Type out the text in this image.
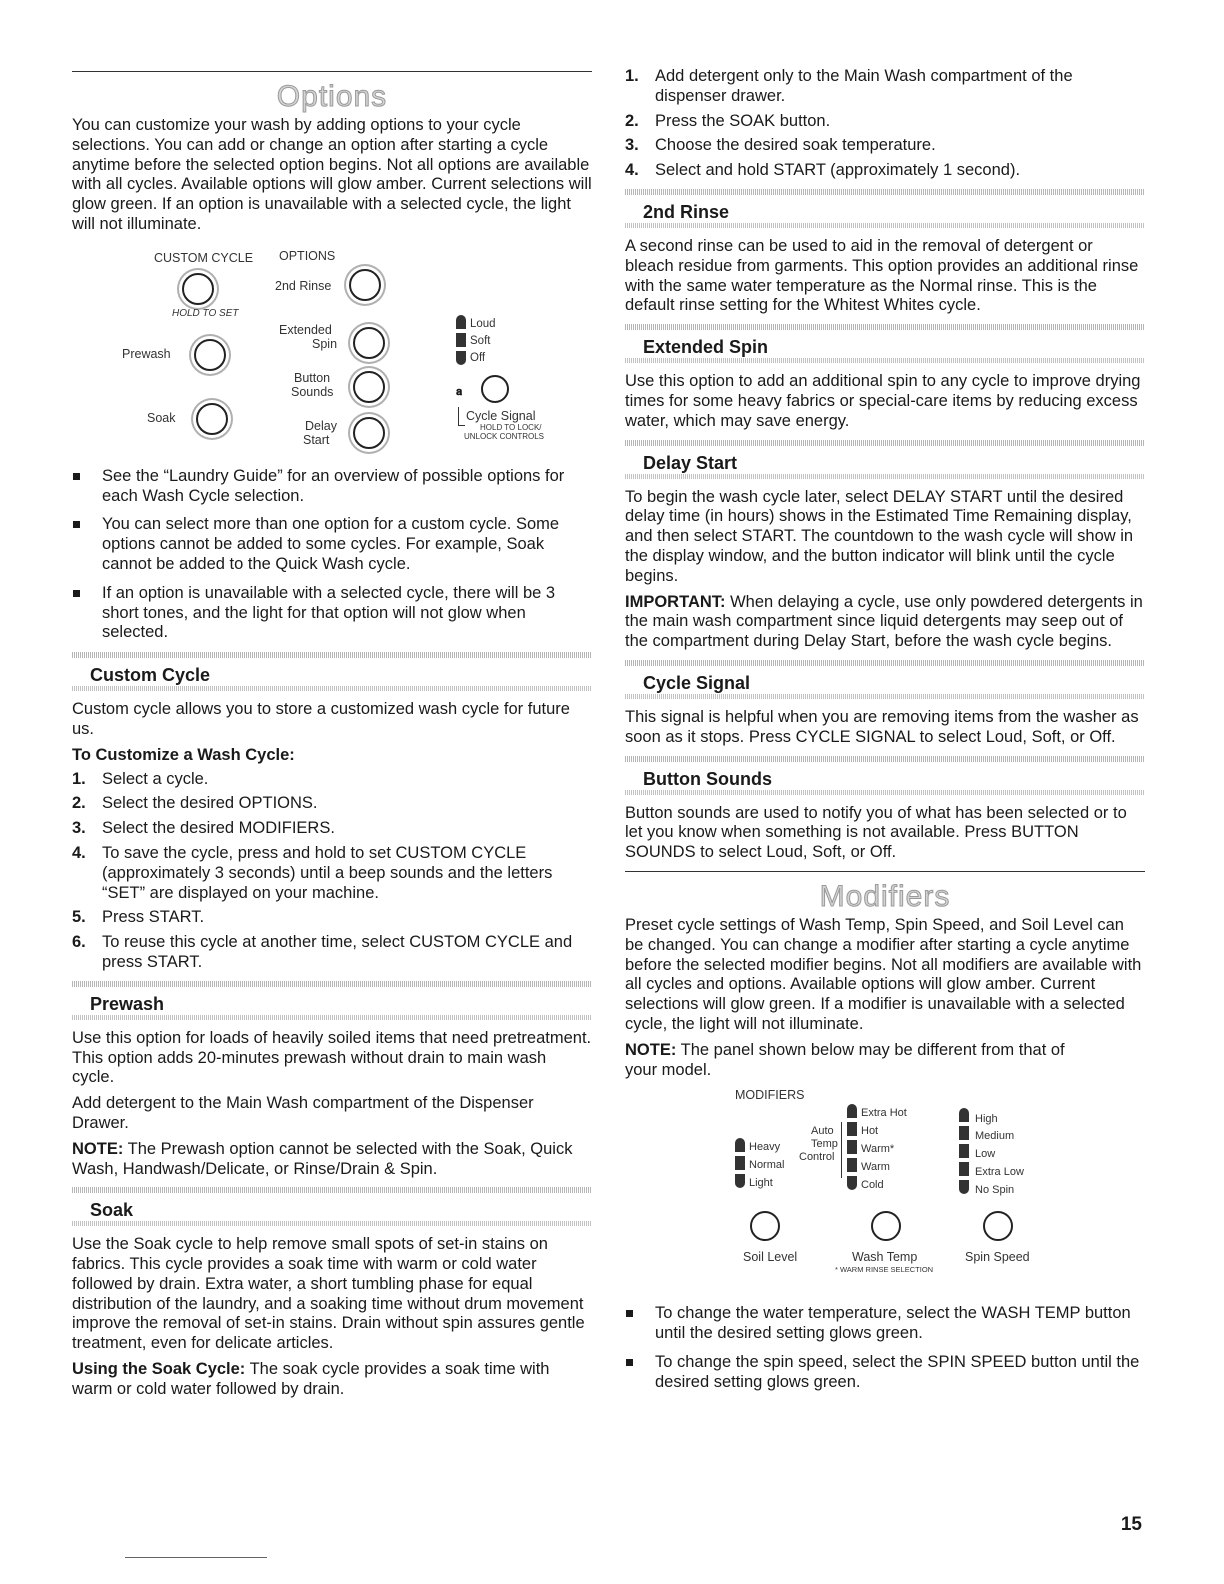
Options

You can customize your wash by adding options to your cycle selections. You can add or change an option after starting a cycle anytime before the selected option begins. Not all options are available with all cycles. Available options will glow amber. Current selections will glow green. If an option is unavailable with a selected cycle, the light will not illuminate.

CUSTOM CYCLE OPTIONS
HOLD TO SET
Prewash
Soak
2nd Rinse
Extended
Spin
Button
Sounds
Delay
Start
Loud
Soft
Off
𝐚
Cycle Signal
HOLD TO LOCK/
UNLOCK CONTROLS
See the “Laundry Guide” for an overview of possible options for each Wash Cycle selection.
You can select more than one option for a custom cycle. Some options cannot be added to some cycles. For example, Soak cannot be added to the Quick Wash cycle.
If an option is unavailable with a selected cycle, there will be 3 short tones, and the light for that option will not glow when selected.
Custom Cycle

Custom cycle allows you to store a customized wash cycle for future us.

To Customize a Wash Cycle:

1. Select a cycle.
2. Select the desired OPTIONS.
3. Select the desired MODIFIERS.
4. To save the cycle, press and hold to set CUSTOM CYCLE (approximately 3 seconds) until a beep sounds and the letters “SET” are displayed on your machine.
5. Press START.
6. To reuse this cycle at another time, select CUSTOM CYCLE and press START.
Prewash

Use this option for loads of heavily soiled items that need pretreatment. This option adds 20-minutes prewash without drain to main wash cycle.

Add detergent to the Main Wash compartment of the Dispenser Drawer.

NOTE: The Prewash option cannot be selected with the Soak, Quick Wash, Handwash/Delicate, or Rinse/Drain & Spin.

Soak

Use the Soak cycle to help remove small spots of set-in stains on fabrics. This cycle provides a soak time with warm or cold water followed by drain. Extra water, a short tumbling phase for equal distribution of the laundry, and a soaking time without drum movement improve the removal of set-in stains. Drain without spin assures gentle treatment, even for delicate articles.

Using the Soak Cycle: The soak cycle provides a soak time with warm or cold water followed by drain.

1. Add detergent only to the Main Wash compartment of the dispenser drawer.
2. Press the SOAK button.
3. Choose the desired soak temperature.
4. Select and hold START (approximately 1 second).
2nd Rinse

A second rinse can be used to aid in the removal of detergent or bleach residue from garments. This option provides an additional rinse with the same water temperature as the Normal rinse. This is the default rinse setting for the Whitest Whites cycle.

Extended Spin

Use this option to add an additional spin to any cycle to improve drying times for some heavy fabrics or special-care items by reducing excess water, which may save energy.

Delay Start

To begin the wash cycle later, select DELAY START until the desired delay time (in hours) shows in the Estimated Time Remaining display, and then select START. The countdown to the wash cycle will show in the display window, and the button indicator will blink until the cycle begins.

IMPORTANT: When delaying a cycle, use only powdered detergents in the main wash compartment since liquid detergents may seep out of the compartment during Delay Start, before the wash cycle begins.

Cycle Signal

This signal is helpful when you are removing items from the washer as soon as it stops. Press CYCLE SIGNAL to select Loud, Soft, or Off.

Button Sounds

Button sounds are used to notify you of what has been selected or to let you know when something is not available. Press BUTTON SOUNDS to select Loud, Soft, or Off.

Modifiers

Preset cycle settings of Wash Temp, Spin Speed, and Soil Level can be changed. You can change a modifier after starting a cycle anytime before the selected modifier begins. Not all modifiers are available with all cycles and options. Available options will glow amber. Current selections will glow green. If a modifier is unavailable with a selected cycle, the light will not illuminate.

NOTE: The panel shown below may be different from that of your model.

MODIFIERS
Heavy
Normal
Light
Auto
Temp
Control
Extra Hot
Hot
Warm*
Warm
Cold
High
Medium
Low
Extra Low
No Spin
Soil Level	Wash Temp
* WARM RINSE SELECTION
Spin Speed
To change the water temperature, select the WASH TEMP button until the desired setting glows green.
To change the spin speed, select the SPIN SPEED button until the desired setting glows green.
15
